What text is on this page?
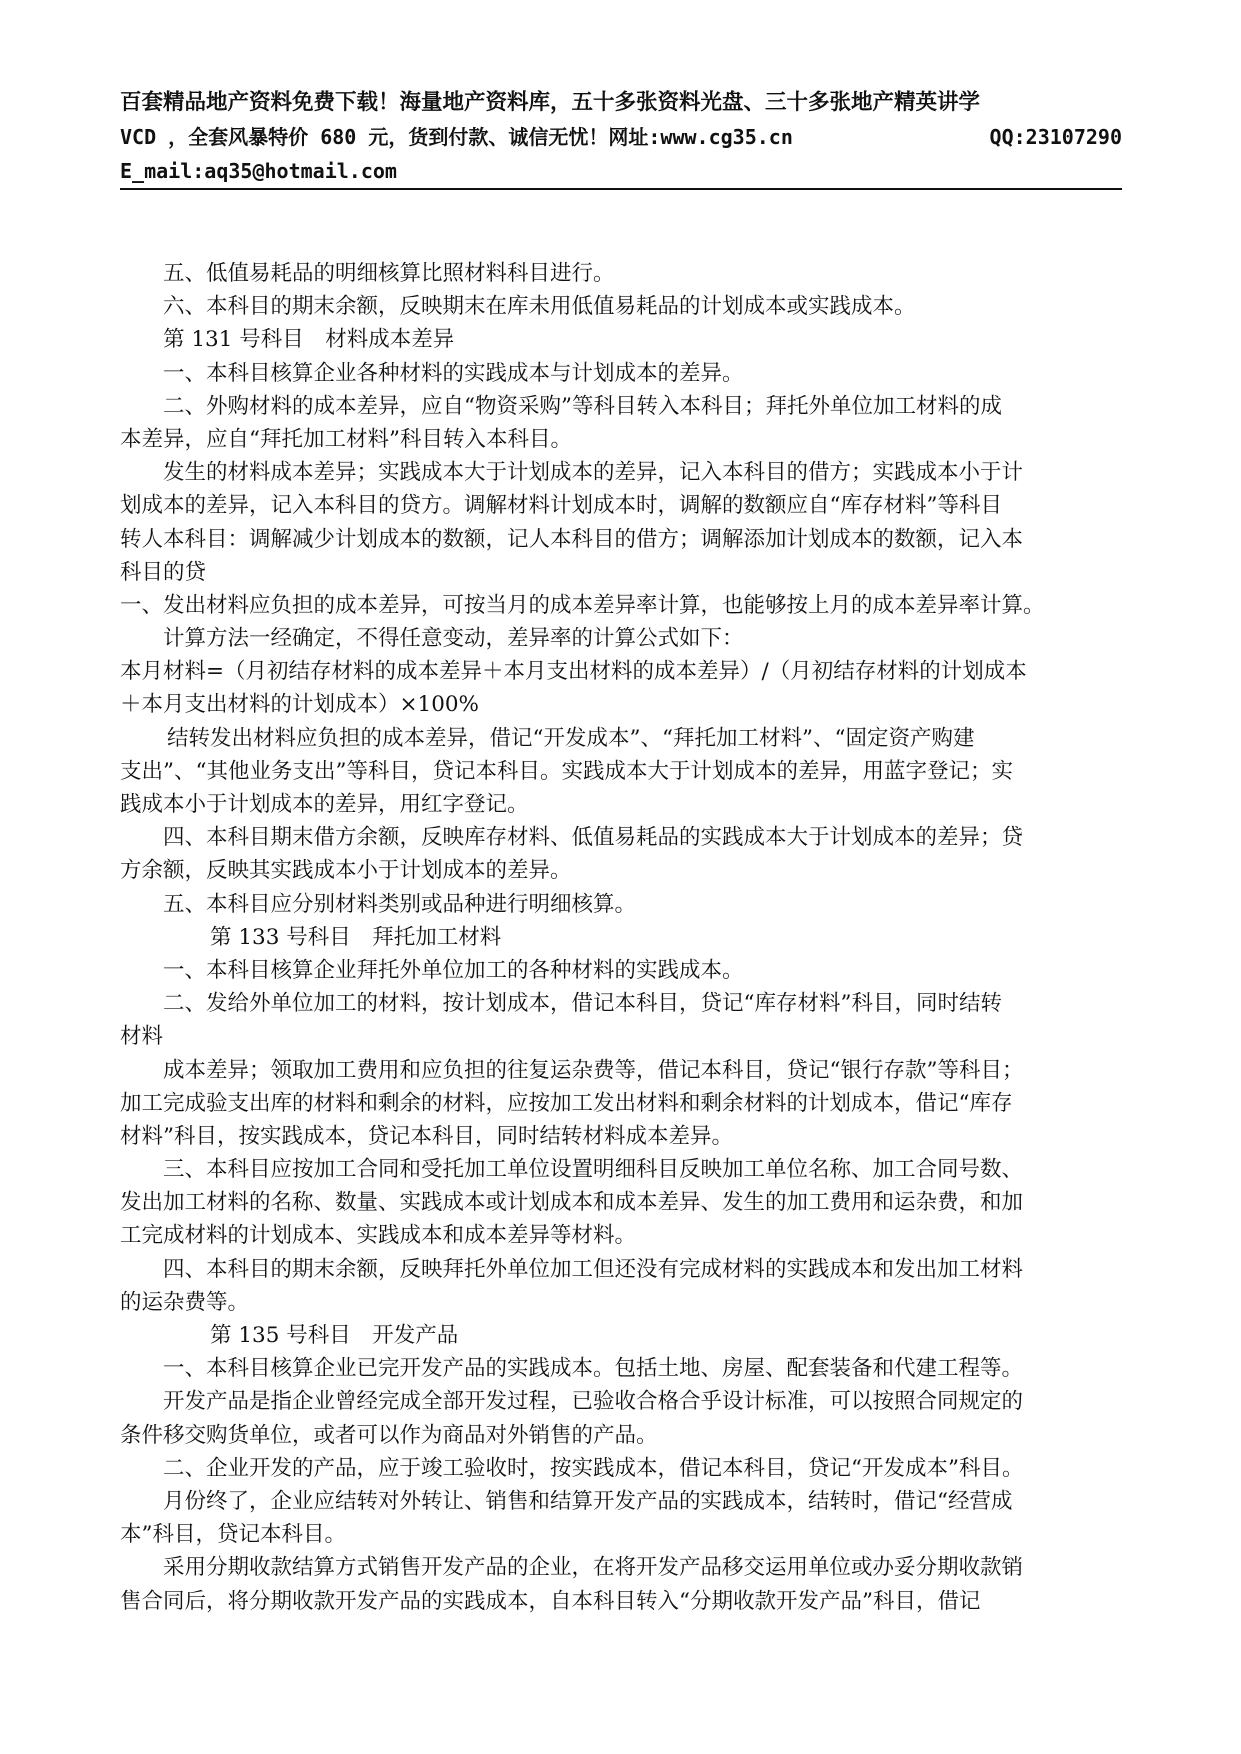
百套精品地产资料免费下载！海量地产资料库，五十多张资料光盘、三十多张地产精英讲学
VCD ，全套风暴特价 680 元，货到付款、诚信无忧！网址:www.cg35.cn	QQ:23107290
E_mail:aq35@hotmail.com
五、低值易耗品的明细核算比照材料科目进行。
六、本科目的期末余额，反映期末在库未用低值易耗品的计划成本或实践成本。
第 131 号科目　材料成本差异
一、本科目核算企业各种材料的实践成本与计划成本的差异。
二、外购材料的成本差异，应自“物资采购”等科目转入本科目；拜托外单位加工材料的成
本差异，应自“拜托加工材料”科目转入本科目。
发生的材料成本差异；实践成本大于计划成本的差异，记入本科目的借方；实践成本小于计
划成本的差异，记入本科目的贷方。调解材料计划成本时，调解的数额应自“库存材料”等科目
转人本科目：调解减少计划成本的数额，记人本科目的借方；调解添加计划成本的数额，记入本
科目的贷
一、发出材料应负担的成本差异，可按当月的成本差异率计算，也能够按上月的成本差异率计算。
计算方法一经确定，不得任意变动，差异率的计算公式如下：
本月材料=（月初结存材料的成本差异＋本月支出材料的成本差异）/（月初结存材料的计划成本
＋本月支出材料的计划成本）×100%
结转发出材料应负担的成本差异，借记“开发成本”、“拜托加工材料”、“固定资产购建
支出”、“其他业务支出”等科目，贷记本科目。实践成本大于计划成本的差异，用蓝字登记；实
践成本小于计划成本的差异，用红字登记。
四、本科目期末借方余额，反映库存材料、低值易耗品的实践成本大于计划成本的差异；贷
方余额，反映其实践成本小于计划成本的差异。
五、本科目应分别材料类别或品种进行明细核算。
第 133 号科目　拜托加工材料
一、本科目核算企业拜托外单位加工的各种材料的实践成本。
二、发给外单位加工的材料，按计划成本，借记本科目，贷记“库存材料”科目，同时结转
材料
成本差异；领取加工费用和应负担的往复运杂费等，借记本科目，贷记“银行存款”等科目；
加工完成验支出库的材料和剩余的材料，应按加工发出材料和剩余材料的计划成本，借记“库存
材料”科目，按实践成本，贷记本科目，同时结转材料成本差异。
三、本科目应按加工合同和受托加工单位设置明细科目反映加工单位名称、加工合同号数、
发出加工材料的名称、数量、实践成本或计划成本和成本差异、发生的加工费用和运杂费，和加
工完成材料的计划成本、实践成本和成本差异等材料。
四、本科目的期末余额，反映拜托外单位加工但还没有完成材料的实践成本和发出加工材料
的运杂费等。
第 135 号科目　开发产品
一、本科目核算企业已完开发产品的实践成本。包括土地、房屋、配套装备和代建工程等。
开发产品是指企业曾经完成全部开发过程，已验收合格合乎设计标准，可以按照合同规定的
条件移交购货单位，或者可以作为商品对外销售的产品。
二、企业开发的产品，应于竣工验收时，按实践成本，借记本科目，贷记“开发成本”科目。
月份终了，企业应结转对外转让、销售和结算开发产品的实践成本，结转时，借记“经营成
本”科目，贷记本科目。
采用分期收款结算方式销售开发产品的企业，在将开发产品移交运用单位或办妥分期收款销
售合同后，将分期收款开发产品的实践成本，自本科目转入“分期收款开发产品”科目，借记
